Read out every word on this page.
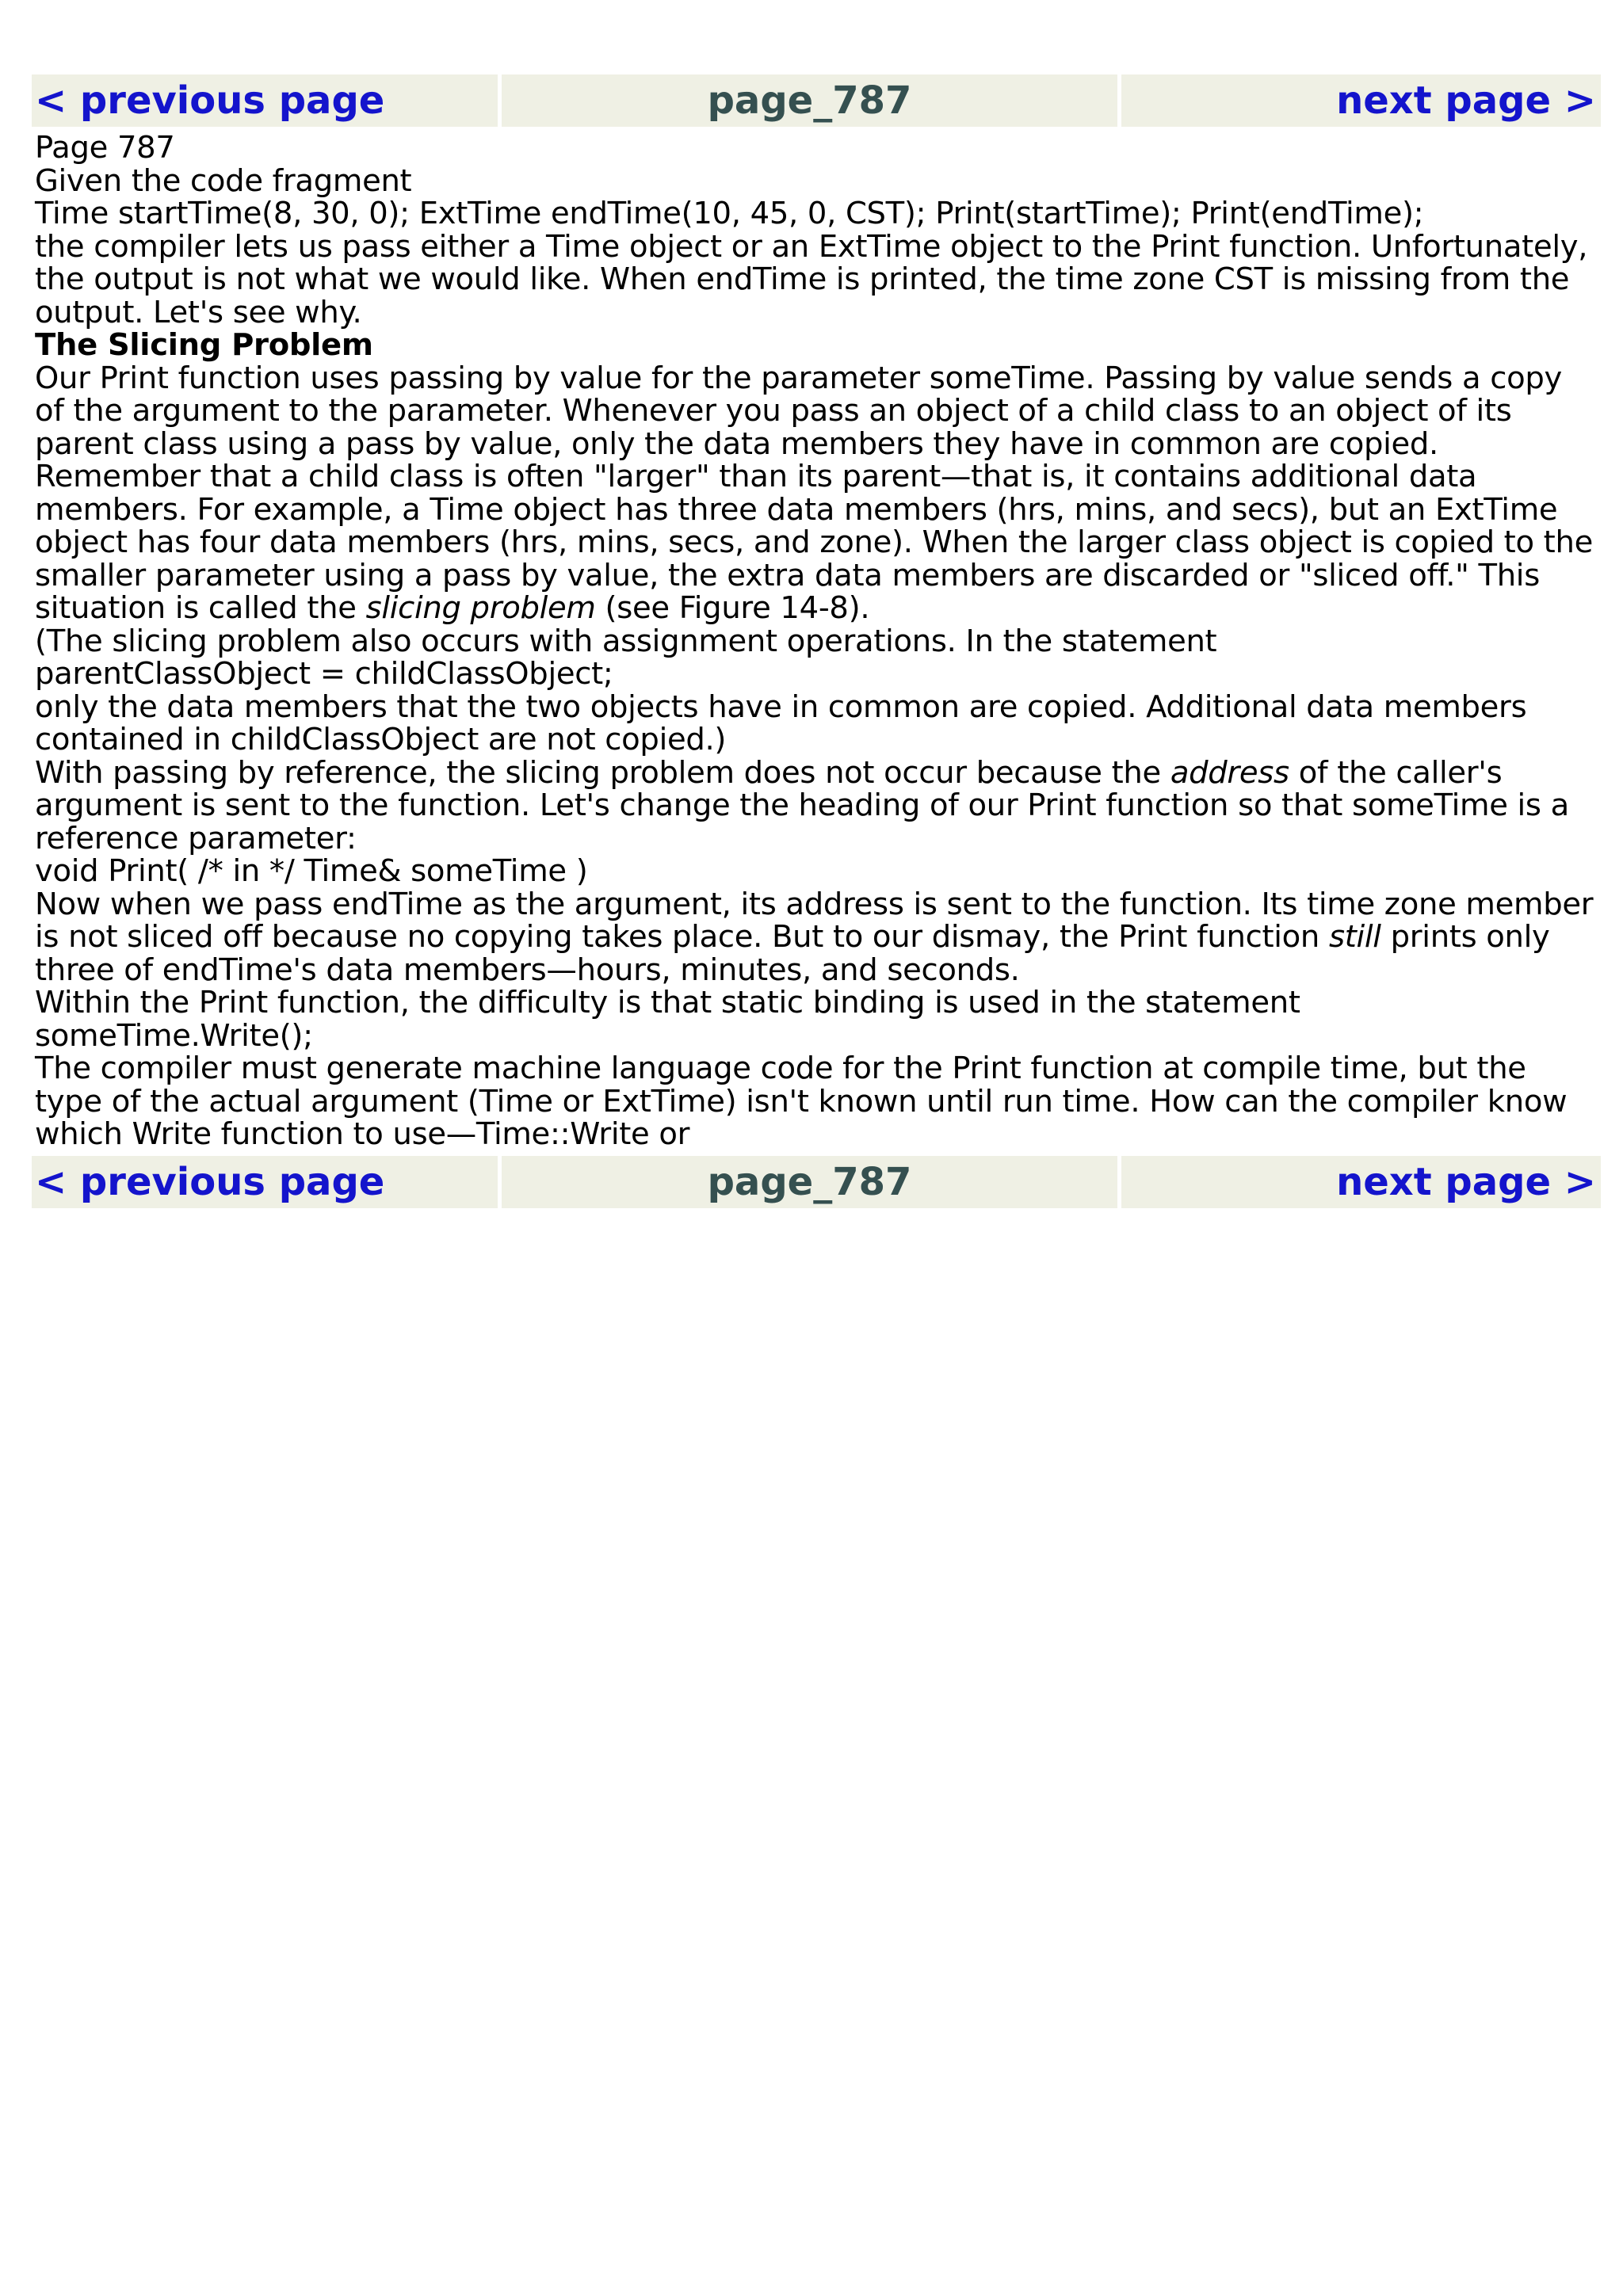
< previous page	page_787	next page >

Page 787

Given the code fragment

Time startTime(8, 30, 0); ExtTime endTime(10, 45, 0, CST); Print(startTime); Print(endTime);

the compiler lets us pass either a Time object or an ExtTime object to the Print function. Unfortunately, the output is not what we would like. When endTime is printed, the time zone CST is missing from the output. Let's see why.

The Slicing Problem

Our Print function uses passing by value for the parameter someTime. Passing by value sends a copy of the argument to the parameter. Whenever you pass an object of a child class to an object of its parent class using a pass by value, only the data members they have in common are copied. Remember that a child class is often "larger" than its parent—that is, it contains additional data members. For example, a Time object has three data members (hrs, mins, and secs), but an ExtTime object has four data members (hrs, mins, secs, and zone). When the larger class object is copied to the smaller parameter using a pass by value, the extra data members are discarded or "sliced off." This situation is called the slicing problem (see Figure 14-8).

(The slicing problem also occurs with assignment operations. In the statement

parentClassObject = childClassObject;

only the data members that the two objects have in common are copied. Additional data members contained in childClassObject are not copied.)

With passing by reference, the slicing problem does not occur because the address of the caller's argument is sent to the function. Let's change the heading of our Print function so that someTime is a reference parameter:

void Print( /* in */ Time& someTime )

Now when we pass endTime as the argument, its address is sent to the function. Its time zone member is not sliced off because no copying takes place. But to our dismay, the Print function still prints only three of endTime's data members—hours, minutes, and seconds.

Within the Print function, the difficulty is that static binding is used in the statement

someTime.Write();

The compiler must generate machine language code for the Print function at compile time, but the type of the actual argument (Time or ExtTime) isn't known until run time. How can the compiler know which Write function to use—Time::Write or

< previous page	page_787	next page >
